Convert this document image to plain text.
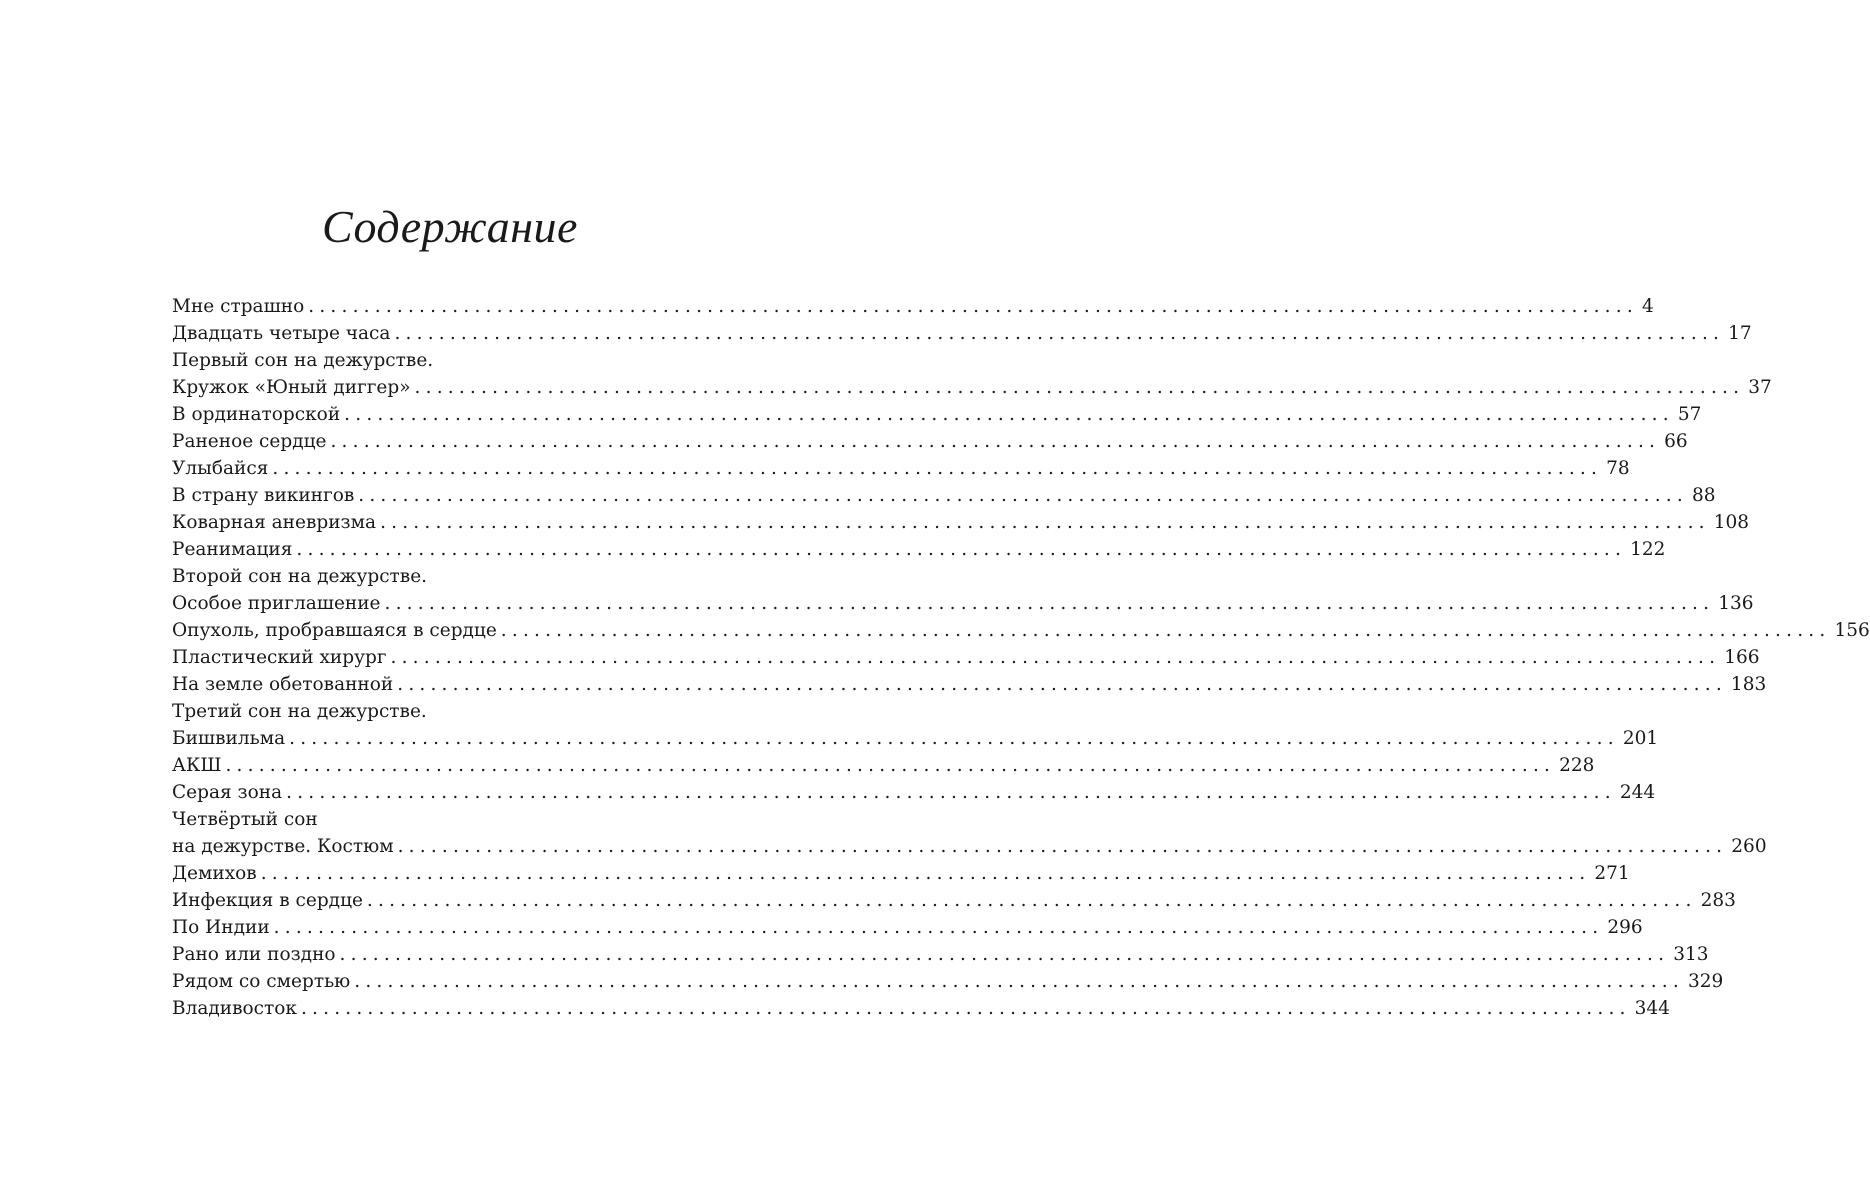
Содержание
Мне страшно ........................................................................................................................ 4
Двадцать четыре часа ........................................................................................................................ 17
Первый сон на дежурстве.
Кружок «Юный диггер» ........................................................................................................................ 37
В ординаторской ........................................................................................................................ 57
Раненое сердце ........................................................................................................................ 66
Улыбайся ........................................................................................................................ 78
В страну викингов ........................................................................................................................ 88
Коварная аневризма ........................................................................................................................ 108
Реанимация ........................................................................................................................ 122
Второй сон на дежурстве.
Особое приглашение ........................................................................................................................ 136
Опухоль, пробравшаяся в сердце ........................................................................................................................ 156
Пластический хирург ........................................................................................................................ 166
На земле обетованной ........................................................................................................................ 183
Третий сон на дежурстве.
Бишвильма ........................................................................................................................ 201
АКШ ........................................................................................................................ 228
Серая зона ........................................................................................................................ 244
Четвёртый сон
на дежурстве. Костюм ........................................................................................................................ 260
Демихов ........................................................................................................................ 271
Инфекция в сердце ........................................................................................................................ 283
По Индии ........................................................................................................................ 296
Рано или поздно ........................................................................................................................ 313
Рядом со смертью ........................................................................................................................ 329
Владивосток ........................................................................................................................ 344
